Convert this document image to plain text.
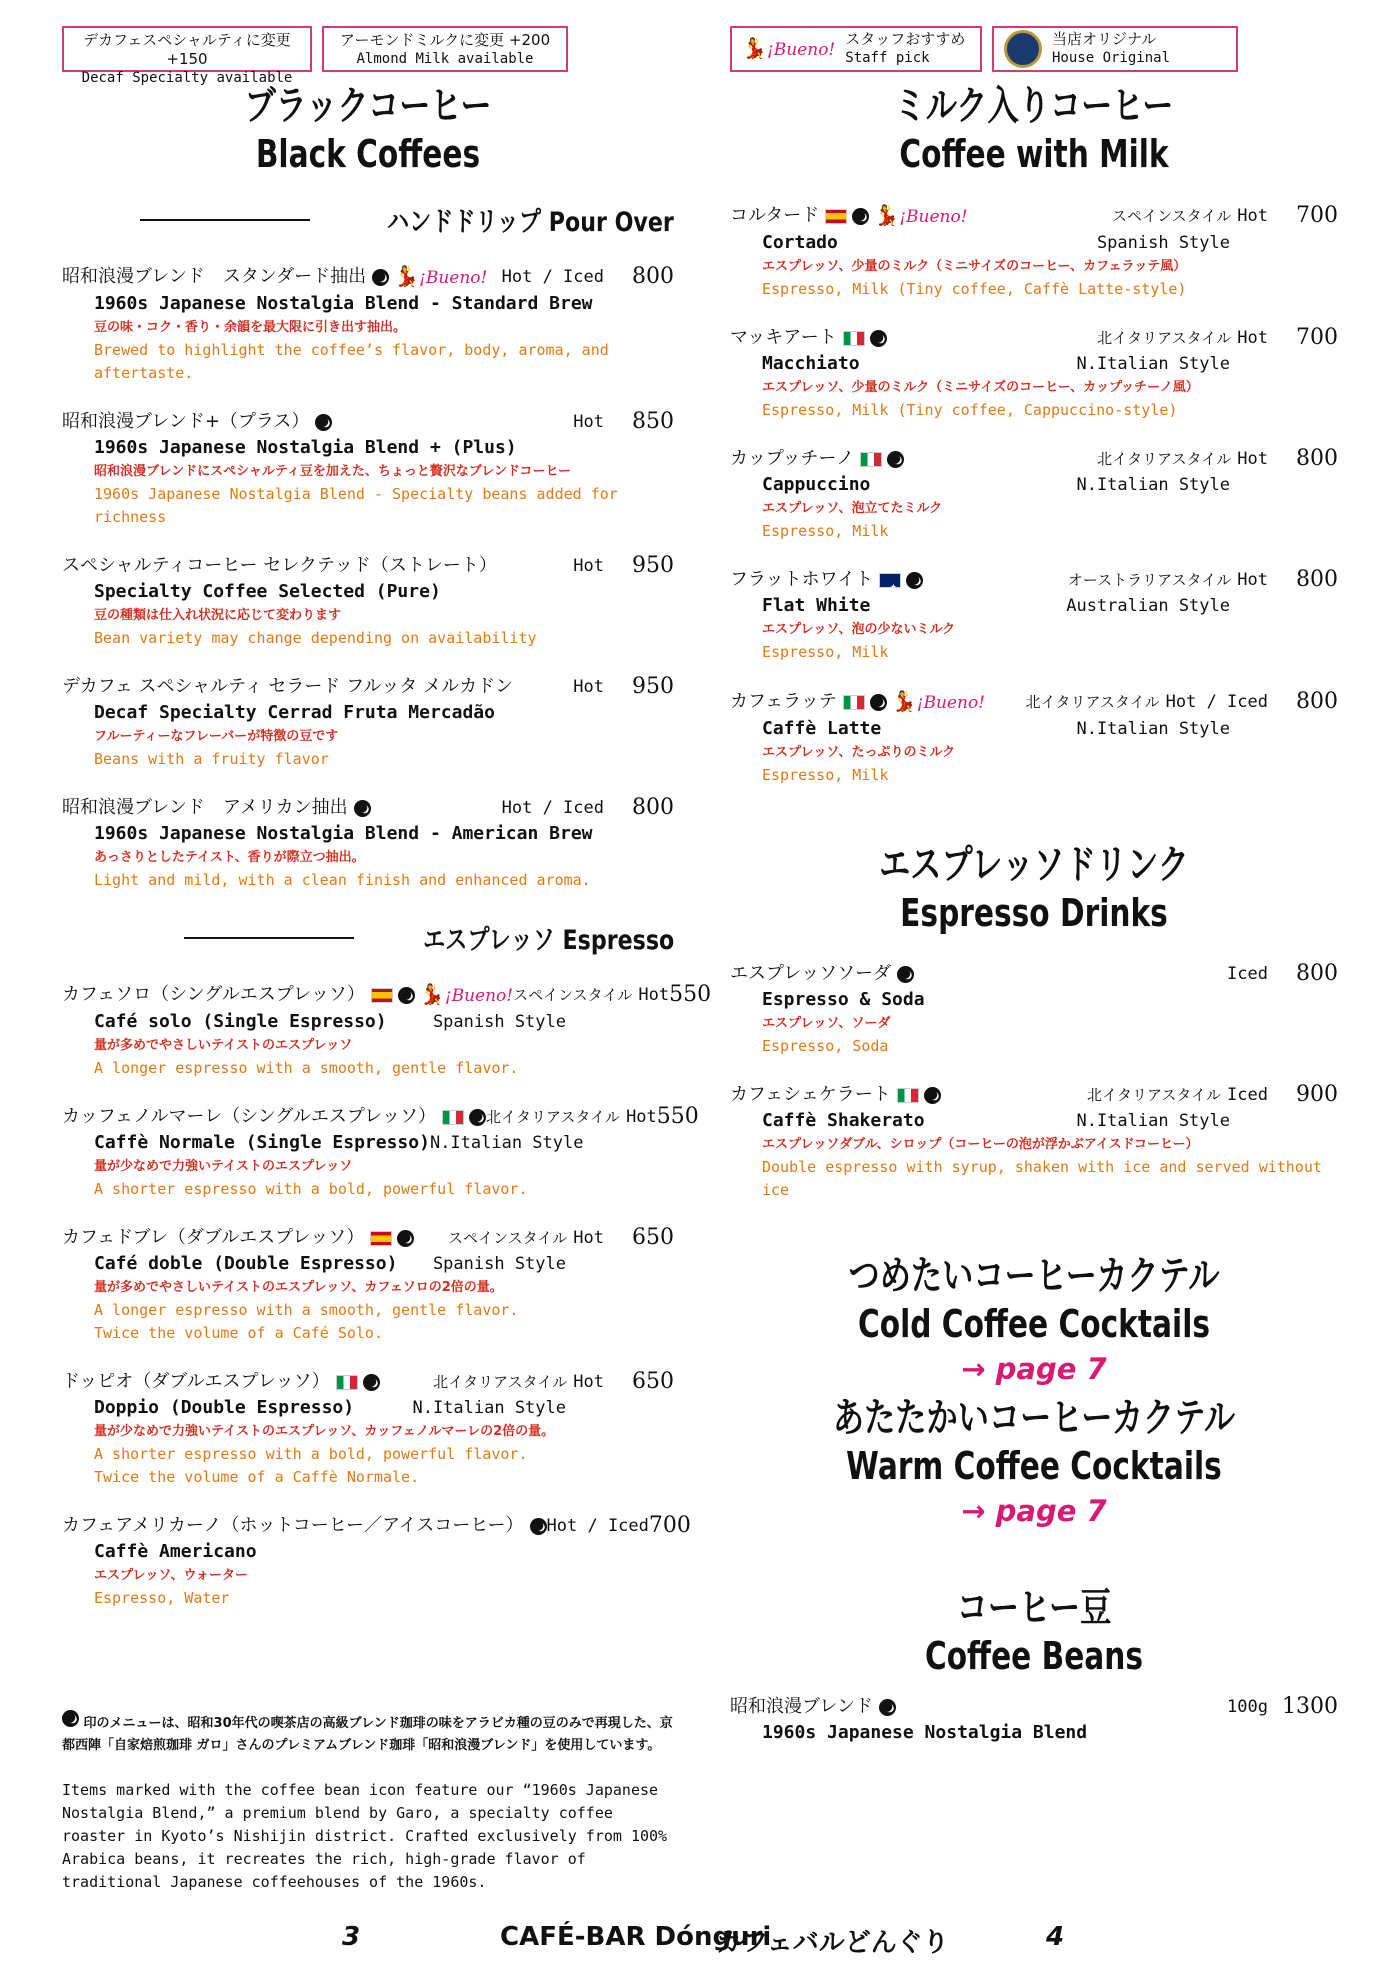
デカフェスペシャルティに変更 +150
Decaf Specialty available
アーモンドミルクに変更 +200
Almond Milk available
ブラックコーヒー
Black Coffees
ハンドドリップ Pour Over
昭和浪漫ブレンド　スタンダード抽出 💃¡Bueno! Hot / Iced	800
1960s Japanese Nostalgia Blend - Standard Brew
豆の味・コク・香り・余韻を最大限に引き出す抽出。
Brewed to highlight the coffee’s flavor, body, aroma, and aftertaste.
昭和浪漫ブレンド+（プラス）	Hot	850
1960s Japanese Nostalgia Blend + (Plus)
昭和浪漫ブレンドにスペシャルティ豆を加えた、ちょっと贅沢なブレンドコーヒー
1960s Japanese Nostalgia Blend - Specialty beans added for richness
スペシャルティコーヒー セレクテッド（ストレート）	Hot	950
Specialty Coffee Selected (Pure)
豆の種類は仕入れ状況に応じて変わります
Bean variety may change depending on availability
デカフェ スペシャルティ セラード フルッタ メルカドン	Hot	950
Decaf Specialty Cerrad Fruta Mercadão
フルーティーなフレーバーが特徴の豆です
Beans with a fruity flavor
昭和浪漫ブレンド　アメリカン抽出	Hot / Iced	800
1960s Japanese Nostalgia Blend - American Brew
あっさりとしたテイスト、香りが際立つ抽出。
Light and mild, with a clean finish and enhanced aroma.
エスプレッソ Espresso
カフェソロ（シングルエスプレッソ）	💃¡Bueno! スペインスタイル Hot 550
Café solo (Single Espresso)	Spanish Style
量が多めでやさしいテイストのエスプレッソ
A longer espresso with a smooth, gentle flavor.
カッフェノルマーレ（シングルエスプレッソ）	北イタリアスタイル Hot 550
Caffè Normale (Single Espresso) N.Italian Style
量が少なめで力強いテイストのエスプレッソ
A shorter espresso with a bold, powerful flavor.
カフェドブレ（ダブルエスプレッソ）	スペインスタイル Hot	650
Café doble (Double Espresso) Spanish Style
量が多めでやさしいテイストのエスプレッソ、カフェソロの2倍の量。
A longer espresso with a smooth, gentle flavor.
Twice the volume of a Café Solo.
ドッピオ（ダブルエスプレッソ）	北イタリアスタイル Hot	650
Doppio (Double Espresso)	N.Italian Style
量が少なめで力強いテイストのエスプレッソ、カッフェノルマーレの2倍の量。
A shorter espresso with a bold, powerful flavor.
Twice the volume of a Caffè Normale.
カフェアメリカーノ（ホットコーヒー／アイスコーヒー） Hot / Iced 700
Caffè Americano
エスプレッソ、ウォーター
Espresso, Water
印のメニューは、昭和30年代の喫茶店の高級ブレンド珈琲の味をアラビカ種の豆のみで再現した、京都西陣「自家焙煎珈琲 ガロ」さんのプレミアムブレンド珈琲「昭和浪漫ブレンド」を使用しています。
Items marked with the coffee bean icon feature our “1960s Japanese Nostalgia Blend,” a premium blend by Garo, a specialty coffee roaster in Kyoto’s Nishijin district. Crafted exclusively from 100% Arabica beans, it recreates the rich, high-grade flavor of traditional Japanese coffeehouses of the 1960s.
💃¡Bueno!
スタッフおすすめ
Staff pick
当店オリジナル
House Original
ミルク入りコーヒー
Coffee with Milk
コルタード	💃¡Bueno!	スペインスタイル Hot	700
Cortado	Spanish Style
エスプレッソ、少量のミルク（ミニサイズのコーヒー、カフェラッテ風）
Espresso, Milk (Tiny coffee, Caffè Latte-style)
マッキアート	北イタリアスタイル Hot	700
Macchiato	N.Italian Style
エスプレッソ、少量のミルク（ミニサイズのコーヒー、カップッチーノ風）
Espresso, Milk (Tiny coffee, Cappuccino-style)
カップッチーノ	北イタリアスタイル Hot	800
Cappuccino	N.Italian Style
エスプレッソ、泡立てたミルク
Espresso, Milk
フラットホワイト
✦	オーストラリアスタイル Hot	800
Flat White	Australian Style
エスプレッソ、泡の少ないミルク
Espresso, Milk
カフェラッテ	💃¡Bueno!	北イタリアスタイル Hot / Iced	800
Caffè Latte	N.Italian Style
エスプレッソ、たっぷりのミルク
Espresso, Milk
エスプレッソドリンク
Espresso Drinks
エスプレッソソーダ	Iced	800
Espresso & Soda
エスプレッソ、ソーダ
Espresso, Soda
カフェシェケラート	北イタリアスタイル Iced	900
Caffè Shakerato	N.Italian Style
エスプレッソダブル、シロップ（コーヒーの泡が浮かぶアイスドコーヒー）
Double espresso with syrup, shaken with ice and served without ice
つめたいコーヒーカクテル
Cold Coffee Cocktails
→ page 7
あたたかいコーヒーカクテル
Warm Coffee Cocktails
→ page 7
コーヒー豆
Coffee Beans
昭和浪漫ブレンド	100g 1300
1960s Japanese Nostalgia Blend
3	CAFÉ-BAR Dónguri
カフェバルどんぐり	4
